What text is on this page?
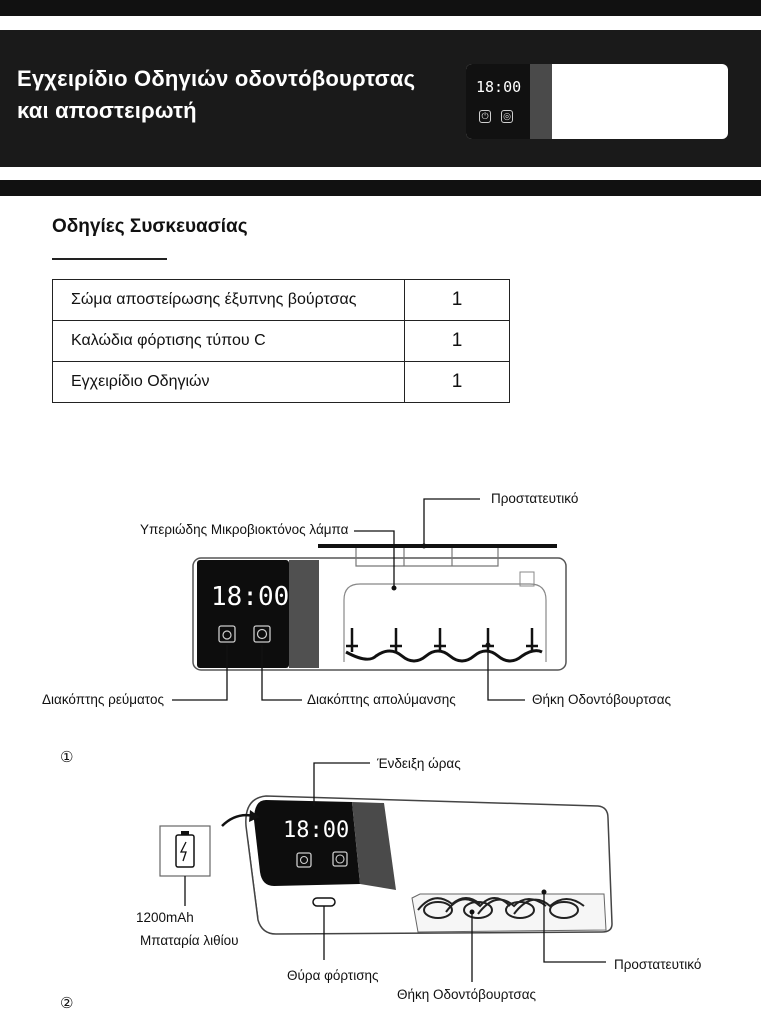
Εγχειρίδιο Οδηγιών οδοντόβουρτσας
και αποστειρωτή
18:00
⏻ ◎
Οδηγίες Συσκευασίας
Σώμα αποστείρωσης έξυπνης βούρτσας	1
Καλώδια φόρτισης τύπου C	1
Εγχειρίδιο Οδηγιών	1
18:00
Προστατευτικό
Υπεριώδης Μικροβιοκτόνος λάμπα
Διακόπτης ρεύματος	Διακόπτης απολύμανσης	Θήκη Οδοντόβουρτσας
①
18:00
Ένδειξη ώρας
1200mAh
Μπαταρία λιθίου
Θύρα φόρτισης
Θήκη Οδοντόβουρτσας
Προστατευτικό
②
